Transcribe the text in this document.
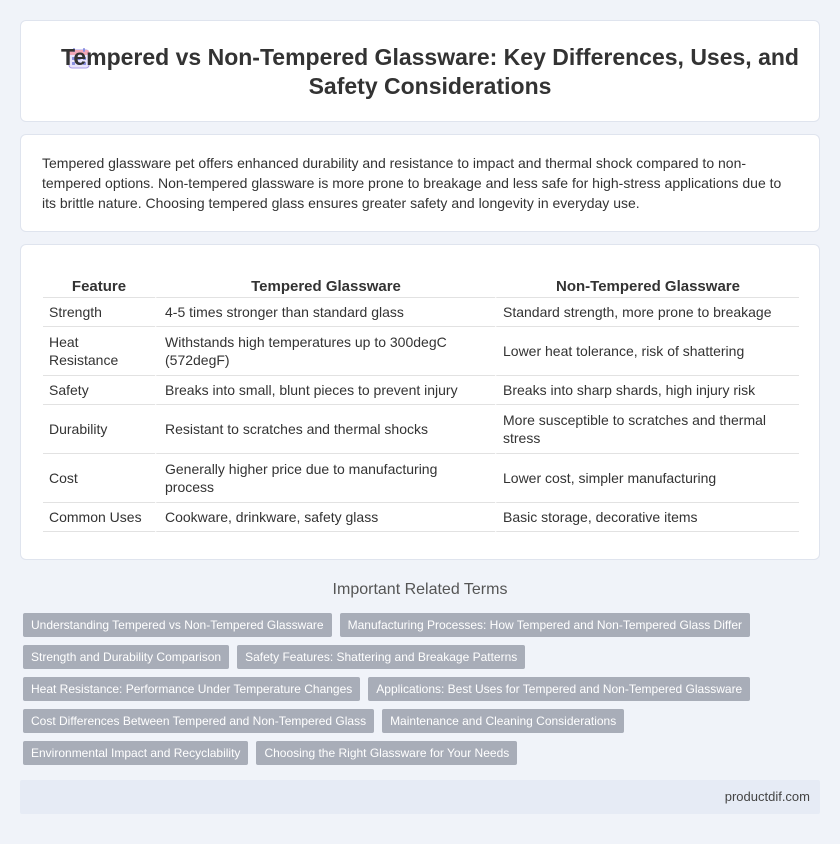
Tempered vs Non-Tempered Glassware: Key Differences, Uses, and Safety Considerations

Tempered glassware pet offers enhanced durability and resistance to impact and thermal shock compared to non-tempered options. Non-tempered glassware is more prone to breakage and less safe for high-stress applications due to its brittle nature. Choosing tempered glass ensures greater safety and longevity in everyday use.

Feature	Tempered Glassware	Non-Tempered Glassware
Strength	4-5 times stronger than standard glass	Standard strength, more prone to breakage
Heat Resistance	Withstands high temperatures up to 300degC (572degF)	Lower heat tolerance, risk of shattering
Safety	Breaks into small, blunt pieces to prevent injury	Breaks into sharp shards, high injury risk
Durability	Resistant to scratches and thermal shocks	More susceptible to scratches and thermal stress
Cost	Generally higher price due to manufacturing process	Lower cost, simpler manufacturing
Common Uses	Cookware, drinkware, safety glass	Basic storage, decorative items
Important Related Terms
Understanding Tempered vs Non-Tempered Glassware	Manufacturing Processes: How Tempered and Non-Tempered Glass Differ
Strength and Durability Comparison	Safety Features: Shattering and Breakage Patterns
Heat Resistance: Performance Under Temperature Changes	Applications: Best Uses for Tempered and Non-Tempered Glassware
Cost Differences Between Tempered and Non-Tempered Glass	Maintenance and Cleaning Considerations
Environmental Impact and Recyclability	Choosing the Right Glassware for Your Needs
productdif.com
